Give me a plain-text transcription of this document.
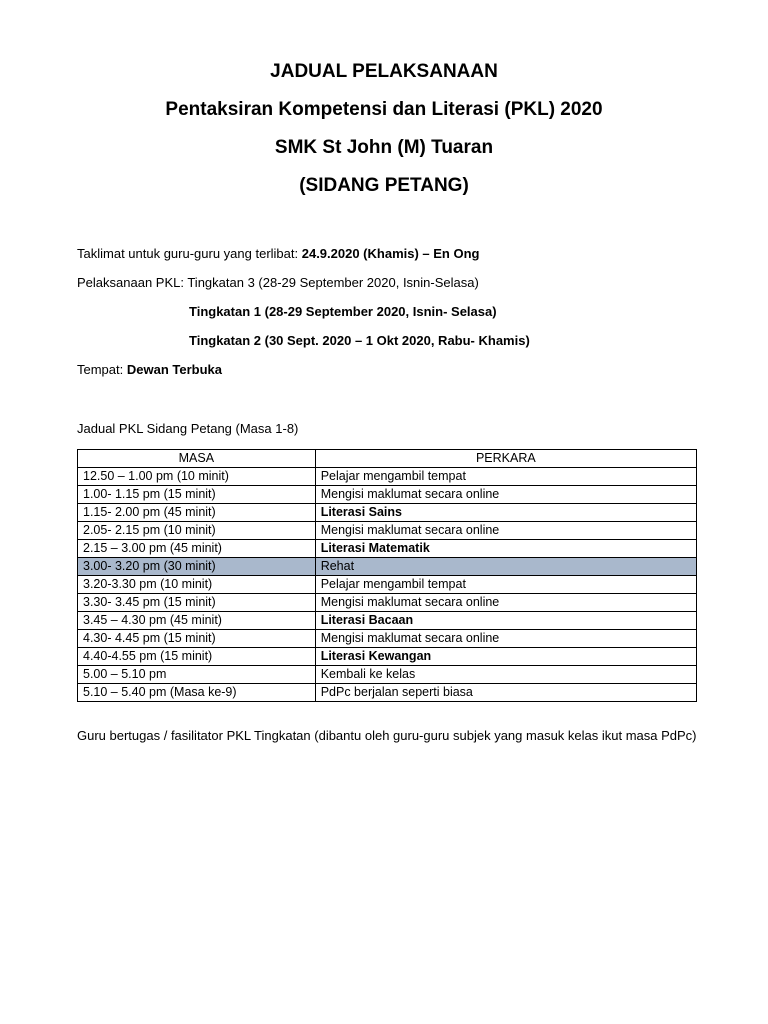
JADUAL PELAKSANAAN

Pentaksiran Kompetensi dan Literasi (PKL) 2020

SMK St John (M) Tuaran

(SIDANG PETANG)

Taklimat untuk guru-guru yang terlibat: 24.9.2020 (Khamis) – En Ong
Pelaksanaan PKL: Tingkatan 3 (28-29 September 2020, Isnin-Selasa)
Tingkatan 1 (28-29 September 2020, Isnin- Selasa)
Tingkatan 2 (30 Sept. 2020 – 1 Okt 2020, Rabu- Khamis)
Tempat: Dewan Terbuka
Jadual PKL Sidang Petang (Masa 1-8)
MASA	PERKARA
12.50 – 1.00 pm (10 minit)	Pelajar mengambil tempat
1.00- 1.15 pm (15 minit)	Mengisi maklumat secara online
1.15- 2.00 pm (45 minit)	Literasi Sains
2.05- 2.15 pm (10 minit)	Mengisi maklumat secara online
2.15 – 3.00 pm (45 minit)	Literasi Matematik
3.00- 3.20 pm (30 minit)	Rehat
3.20-3.30 pm (10 minit)	Pelajar mengambil tempat
3.30- 3.45 pm (15 minit)	Mengisi maklumat secara online
3.45 – 4.30 pm (45 minit)	Literasi Bacaan
4.30- 4.45 pm (15 minit)	Mengisi maklumat secara online
4.40-4.55 pm (15 minit)	Literasi Kewangan
5.00 – 5.10 pm	Kembali ke kelas
5.10 – 5.40 pm (Masa ke-9)	PdPc berjalan seperti biasa
Guru bertugas / fasilitator PKL Tingkatan (dibantu oleh guru-guru subjek yang masuk kelas ikut masa PdPc)
